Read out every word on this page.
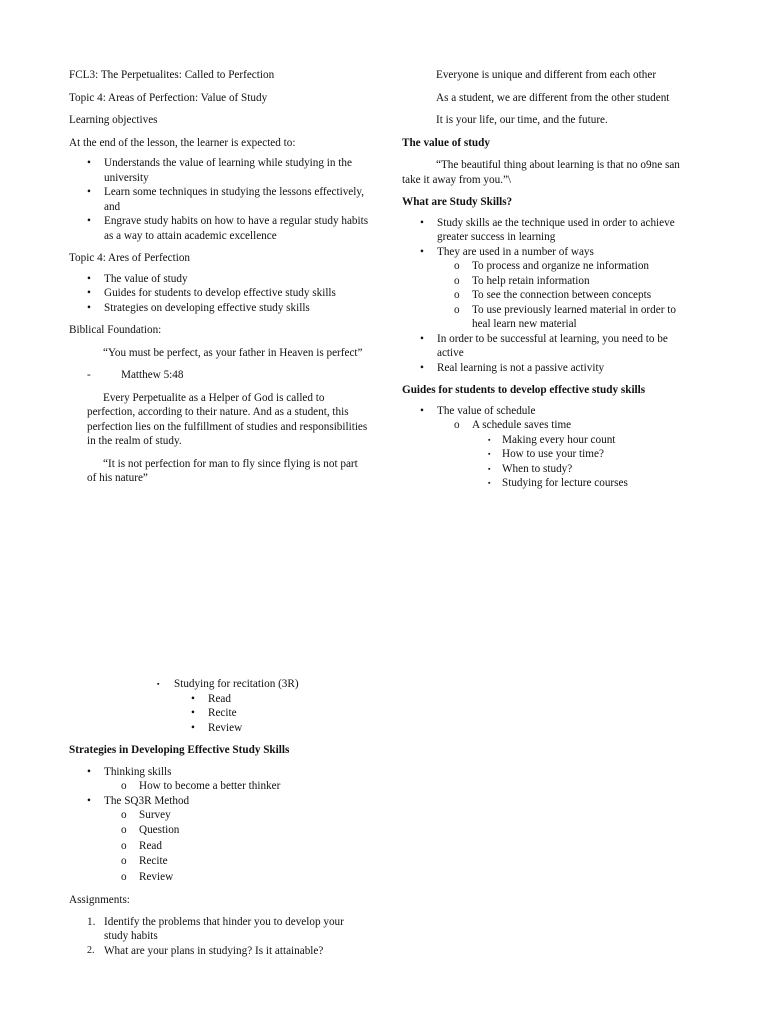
FCL3: The Perpetualites: Called to Perfection

Topic 4: Areas of Perfection: Value of Study

Learning objectives

At the end of the lesson, the learner is expected to:

•	Understands the value of learning while studying in the university
•	Learn some techniques in studying the lessons effectively, and
•	Engrave study habits on how to have a regular study habits as a way to attain academic excellence

Topic 4: Ares of Perfection

•	The value of study
•	Guides for students to develop effective study skills
•	Strategies on developing effective study skills

Biblical Foundation:

“You must be perfect, as your father in Heaven is perfect”

-	Matthew 5:48

Every Perpetualite as a Helper of God is called to perfection, according to their nature. And as a student, this perfection lies on the fulfillment of studies and responsibilities in the realm of study.

“It is not perfection for man to fly since flying is not part of his nature”

Everyone is unique and different from each other

As a student, we are different from the other student

It is your life, our time, and the future.

The value of study

“The beautiful thing about learning is that no o9ne san take it away from you.”\

What are Study Skills?

•	Study skills ae the technique used in order to achieve greater success in learning
•	They are used in a number of ways
o	To process and organize ne information
o	To help retain information
o	To see the connection between concepts
o	To use previously learned material in order to heal learn new material
•	In order to be successful at learning, you need to be active
•	Real learning is not a passive activity

Guides for students to develop effective study skills

•	The value of schedule
o	A schedule saves time
▪	Making every hour count
▪	How to use your time?
▪	When to study?
▪	Studying for lecture courses
▪	Studying for recitation (3R)
•	Read
•	Recite
•	Review

Strategies in Developing Effective Study Skills

•	Thinking skills
o	How to become a better thinker
•	The SQ3R Method
o	Survey
o	Question
o	Read
o	Recite
o	Review

Assignments:

1. Identify the problems that hinder you to develop your study habits
2. What are your plans in studying? Is it attainable?
